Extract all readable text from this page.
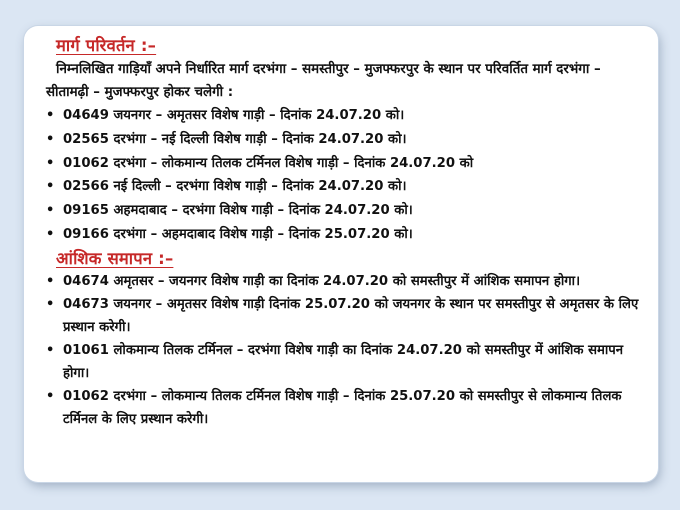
मार्ग परिवर्तन :–

निम्नलिखित गाड़ियाँ अपने निर्धारित मार्ग दरभंगा – समस्तीपुर – मुजफ्फरपुर के स्थान पर परिवर्तित मार्ग दरभंगा – सीतामढ़ी – मुजफ्फरपुर होकर चलेगी :

• 04649 जयनगर – अमृतसर विशेष गाड़ी – दिनांक 24.07.20 को।
• 02565 दरभंगा – नई दिल्ली विशेष गाड़ी – दिनांक 24.07.20 को।
• 01062 दरभंगा – लोकमान्य तिलक टर्मिनल विशेष गाड़ी – दिनांक 24.07.20 को
• 02566 नई दिल्ली – दरभंगा विशेष गाड़ी – दिनांक 24.07.20 को।
• 09165 अहमदाबाद – दरभंगा विशेष गाड़ी – दिनांक 24.07.20 को।
• 09166 दरभंगा – अहमदाबाद विशेष गाड़ी – दिनांक 25.07.20 को।
आंशिक समापन :–
• 04674 अमृतसर – जयनगर विशेष गाड़ी का दिनांक 24.07.20 को समस्तीपुर में आंशिक समापन होगा।
• 04673 जयनगर – अमृतसर विशेष गाड़ी दिनांक 25.07.20 को जयनगर के स्थान पर समस्तीपुर से अमृतसर के लिए प्रस्थान करेगी।
• 01061 लोकमान्य तिलक टर्मिनल – दरभंगा विशेष गाड़ी का दिनांक 24.07.20 को समस्तीपुर में आंशिक समापन होगा।
• 01062 दरभंगा – लोकमान्य तिलक टर्मिनल विशेष गाड़ी – दिनांक 25.07.20 को समस्तीपुर से लोकमान्य तिलक टर्मिनल के लिए प्रस्थान करेगी।
